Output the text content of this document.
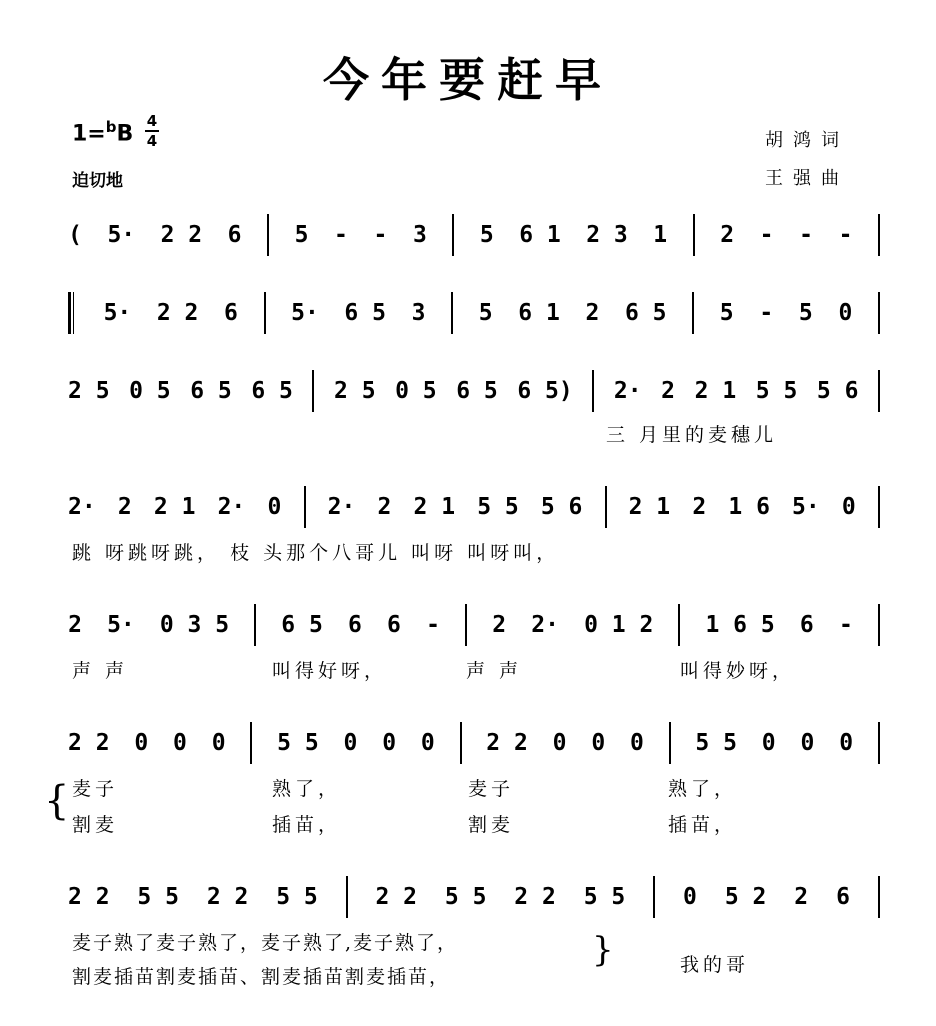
今年要赶早
1=$^b$B
4
4
迫切地
胡鸿词
王强曲
( 5· 2 2 6 5 - - 3 5 6 1 2 3 1 2 - - -
5· 2 2 6 5· 6 5 3 5 6 1 2 6 5 5 - 5 0
2 5 0 5 6 5 6 5 2 5 0 5 6 5 6 5) 2· 2 2 1 5 5 5 6
三 月里的麦穗儿
2· 2 2 1 2· 0 2· 2 2 1 5 5 5 6 2 1 2 1 6 5· 0
跳 呀跳呀跳， 枝 头那个八哥儿 叫呀 叫呀叫，
2 5· 0 3 5 6 5 6 6 - 2 2· 0 1 2 1 6 5 6 -
声 声	叫得好呀，	声 声	叫得妙呀，
2 2 0 0 0 5 5 0 0 0 2 2 0 0 0 5 5 0 0 0
{ 麦子	熟了，	麦子	熟了，
割麦	插苗，	割麦	插苗，
2 2 5 5 2 2 5 5	2 2 5 5 2 2 5 5	0 5 2 2 6
麦子熟了麦子熟了，麦子熟了,麦子熟了，
割麦插苗割麦插苗、割麦插苗割麦插苗，
}	我的哥
